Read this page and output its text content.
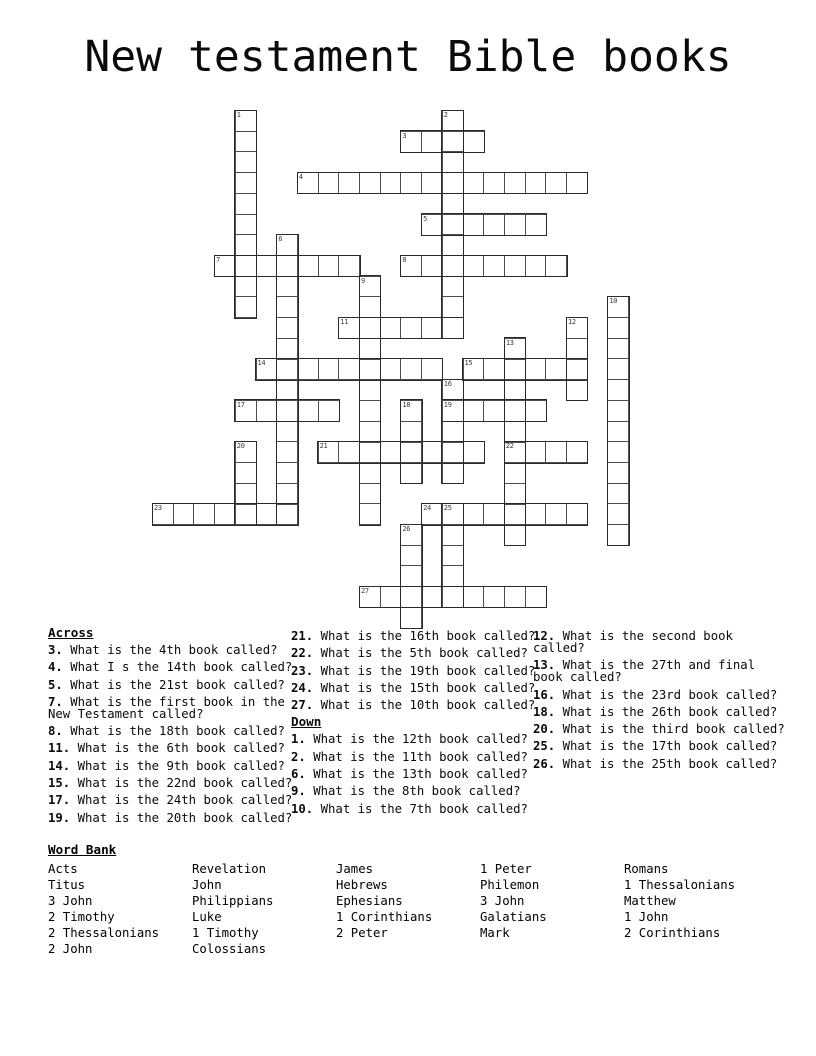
New testament Bible books
3
4
5
7	8
11
14	15
17	19
21	22
23	24
27
1	2
6
9
10
12
13
16
18
20
25
26
Across
3. What is the 4th book called?
4. What I s the 14th book called?
5. What is the 21st book called?
7. What is the first book in the New Testament called?
8. What is the 18th book called?
11. What is the 6th book called?
14. What is the 9th book called?
15. What is the 22nd book called?
17. What is the 24th book called?
19. What is the 20th book called?
21. What is the 16th book called?
22. What is the 5th book called?
23. What is the 19th book called?
24. What is the 15th book called?
27. What is the 10th book called?
Down
1. What is the 12th book called?
2. What is the 11th book called?
6. What is the 13th book called?
9. What is the 8th book called?
10. What is the 7th book called?
12. What is the second book called?
13. What is the 27th and final book called?
16. What is the 23rd book called?
18. What is the 26th book called?
20. What is the third book called?
25. What is the 17th book called?
26. What is the 25th book called?
Word Bank
Acts
Titus
3 John
2 Timothy
2 Thessalonians
2 John
Revelation
John
Philippians
Luke
1 Timothy
Colossians
James
Hebrews
Ephesians
1 Corinthians
2 Peter
1 Peter
Philemon
3 John
Galatians
Mark
Romans
1 Thessalonians
Matthew
1 John
2 Corinthians
